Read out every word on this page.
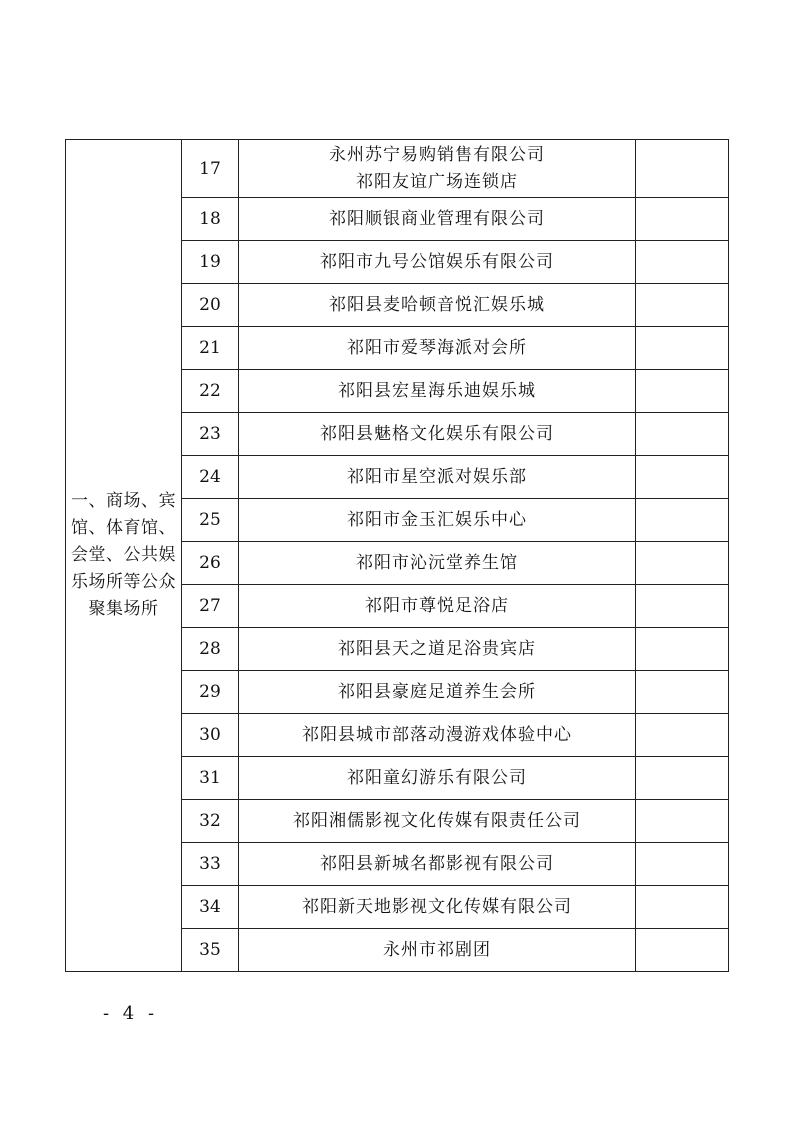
一、商场、宾馆、体育馆、会堂、公共娱乐场所等公众聚集场所	17	永州苏宁易购销售有限公司
祁阳友谊广场连锁店	
	18	祁阳顺银商业管理有限公司	
	19	祁阳市九号公馆娱乐有限公司	
	20	祁阳县麦哈顿音悦汇娱乐城	
	21	祁阳市爱琴海派对会所	
	22	祁阳县宏星海乐迪娱乐城	
	23	祁阳县魅格文化娱乐有限公司	
	24	祁阳市星空派对娱乐部	
	25	祁阳市金玉汇娱乐中心	
	26	祁阳市沁沅堂养生馆	
	27	祁阳市尊悦足浴店	
	28	祁阳县天之道足浴贵宾店	
	29	祁阳县豪庭足道养生会所	
	30	祁阳县城市部落动漫游戏体验中心	
	31	祁阳童幻游乐有限公司	
	32	祁阳湘儒影视文化传媒有限责任公司	
	33	祁阳县新城名都影视有限公司	
	34	祁阳新天地影视文化传媒有限公司	
	35	永州市祁剧团	
- 4 -
